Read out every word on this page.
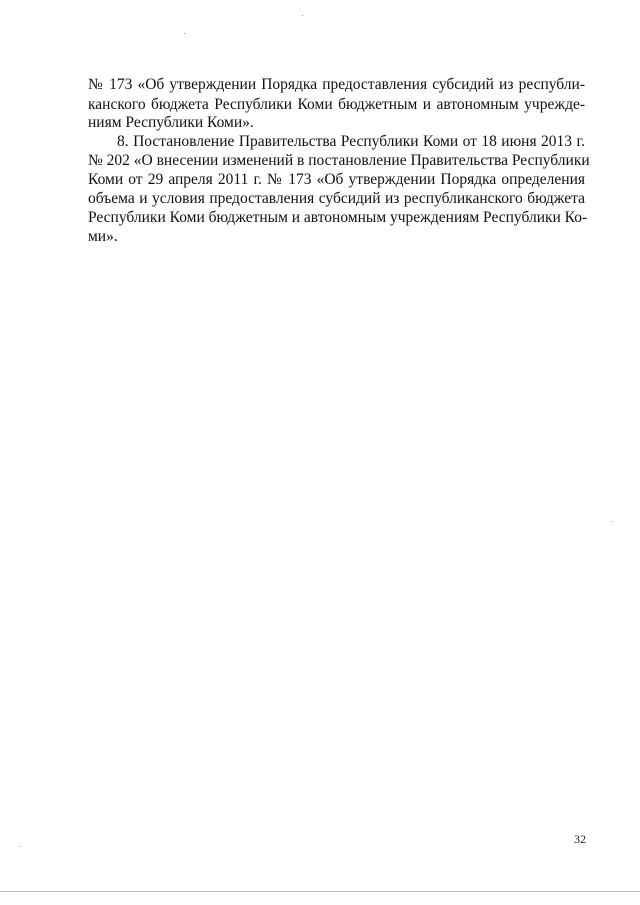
№ 173 «Об утверждении Порядка предоставления субсидий из республи-
канского бюджета Республики Коми бюджетным и автономным учрежде-
ниям Республики Коми».
8. Постановление Правительства Республики Коми от 18 июня 2013 г.
№ 202 «О внесении изменений в постановление Правительства Республики
Коми от 29 апреля 2011 г. № 173 «Об утверждении Порядка определения
объема и условия предоставления субсидий из республиканского бюджета
Республики Коми бюджетным и автономным учреждениям Республики Ко-
ми».
32
